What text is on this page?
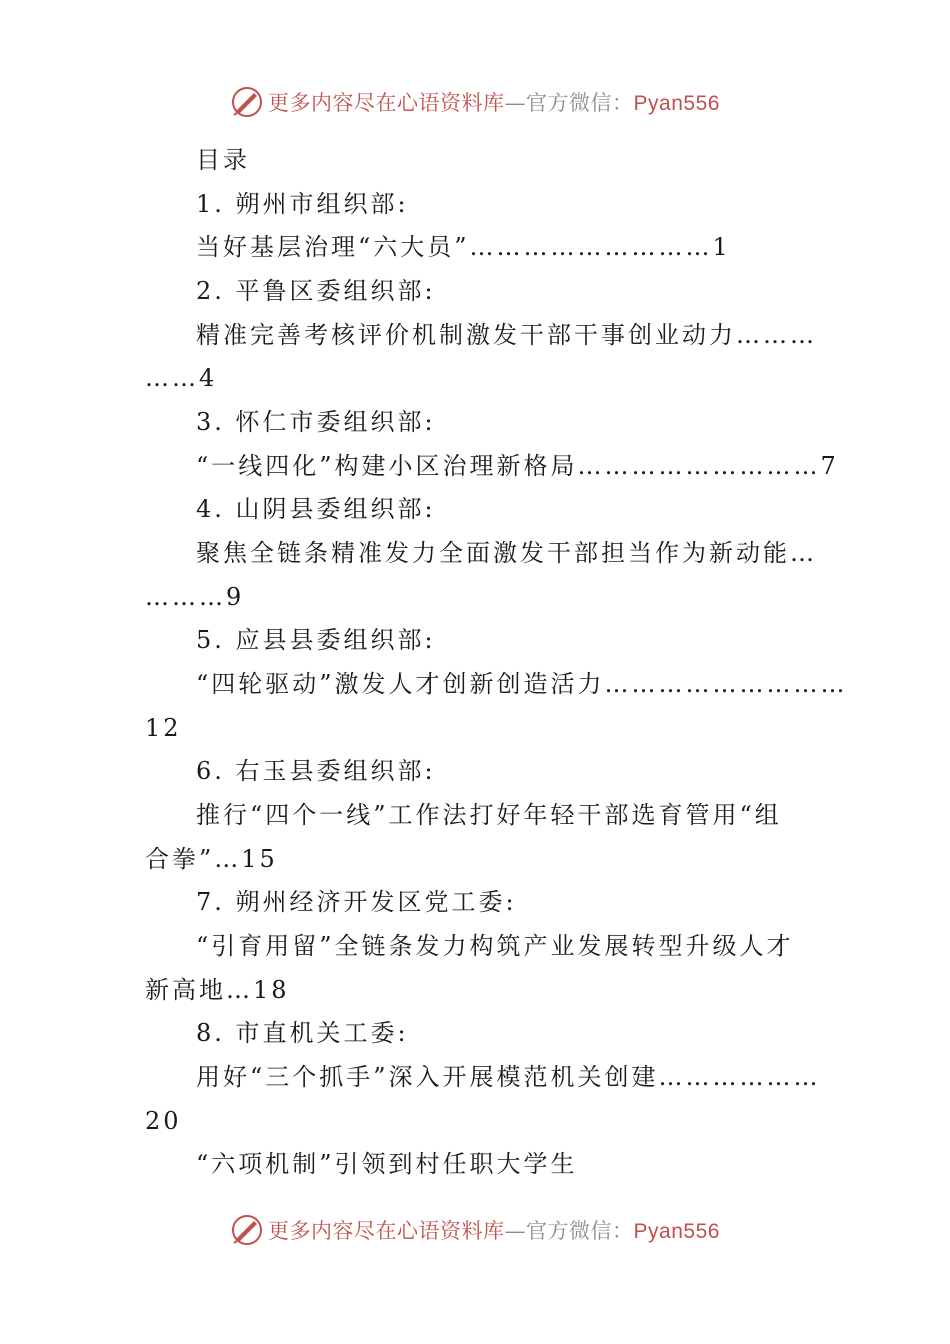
更多内容尽在心语资料库—官方微信：Pyan556
目录
1. 朔州市组织部:
当好基层治理“六大员”………………………1
2. 平鲁区委组织部:
精准完善考核评价机制激发干部干事创业动力………
……4
3. 怀仁市委组织部:
“一线四化”构建小区治理新格局………………………7
4. 山阴县委组织部:
聚焦全链条精准发力全面激发干部担当作为新动能…
………9
5. 应县县委组织部:
“四轮驱动”激发人才创新创造活力………………………
12
6. 右玉县委组织部:
推行“四个一线”工作法打好年轻干部选育管用“组
合拳”…15
7. 朔州经济开发区党工委:
“引育用留”全链条发力构筑产业发展转型升级人才
新高地…18
8. 市直机关工委:
用好“三个抓手”深入开展模范机关创建………………
20
“六项机制”引领到村任职大学生
更多内容尽在心语资料库—官方微信：Pyan556
